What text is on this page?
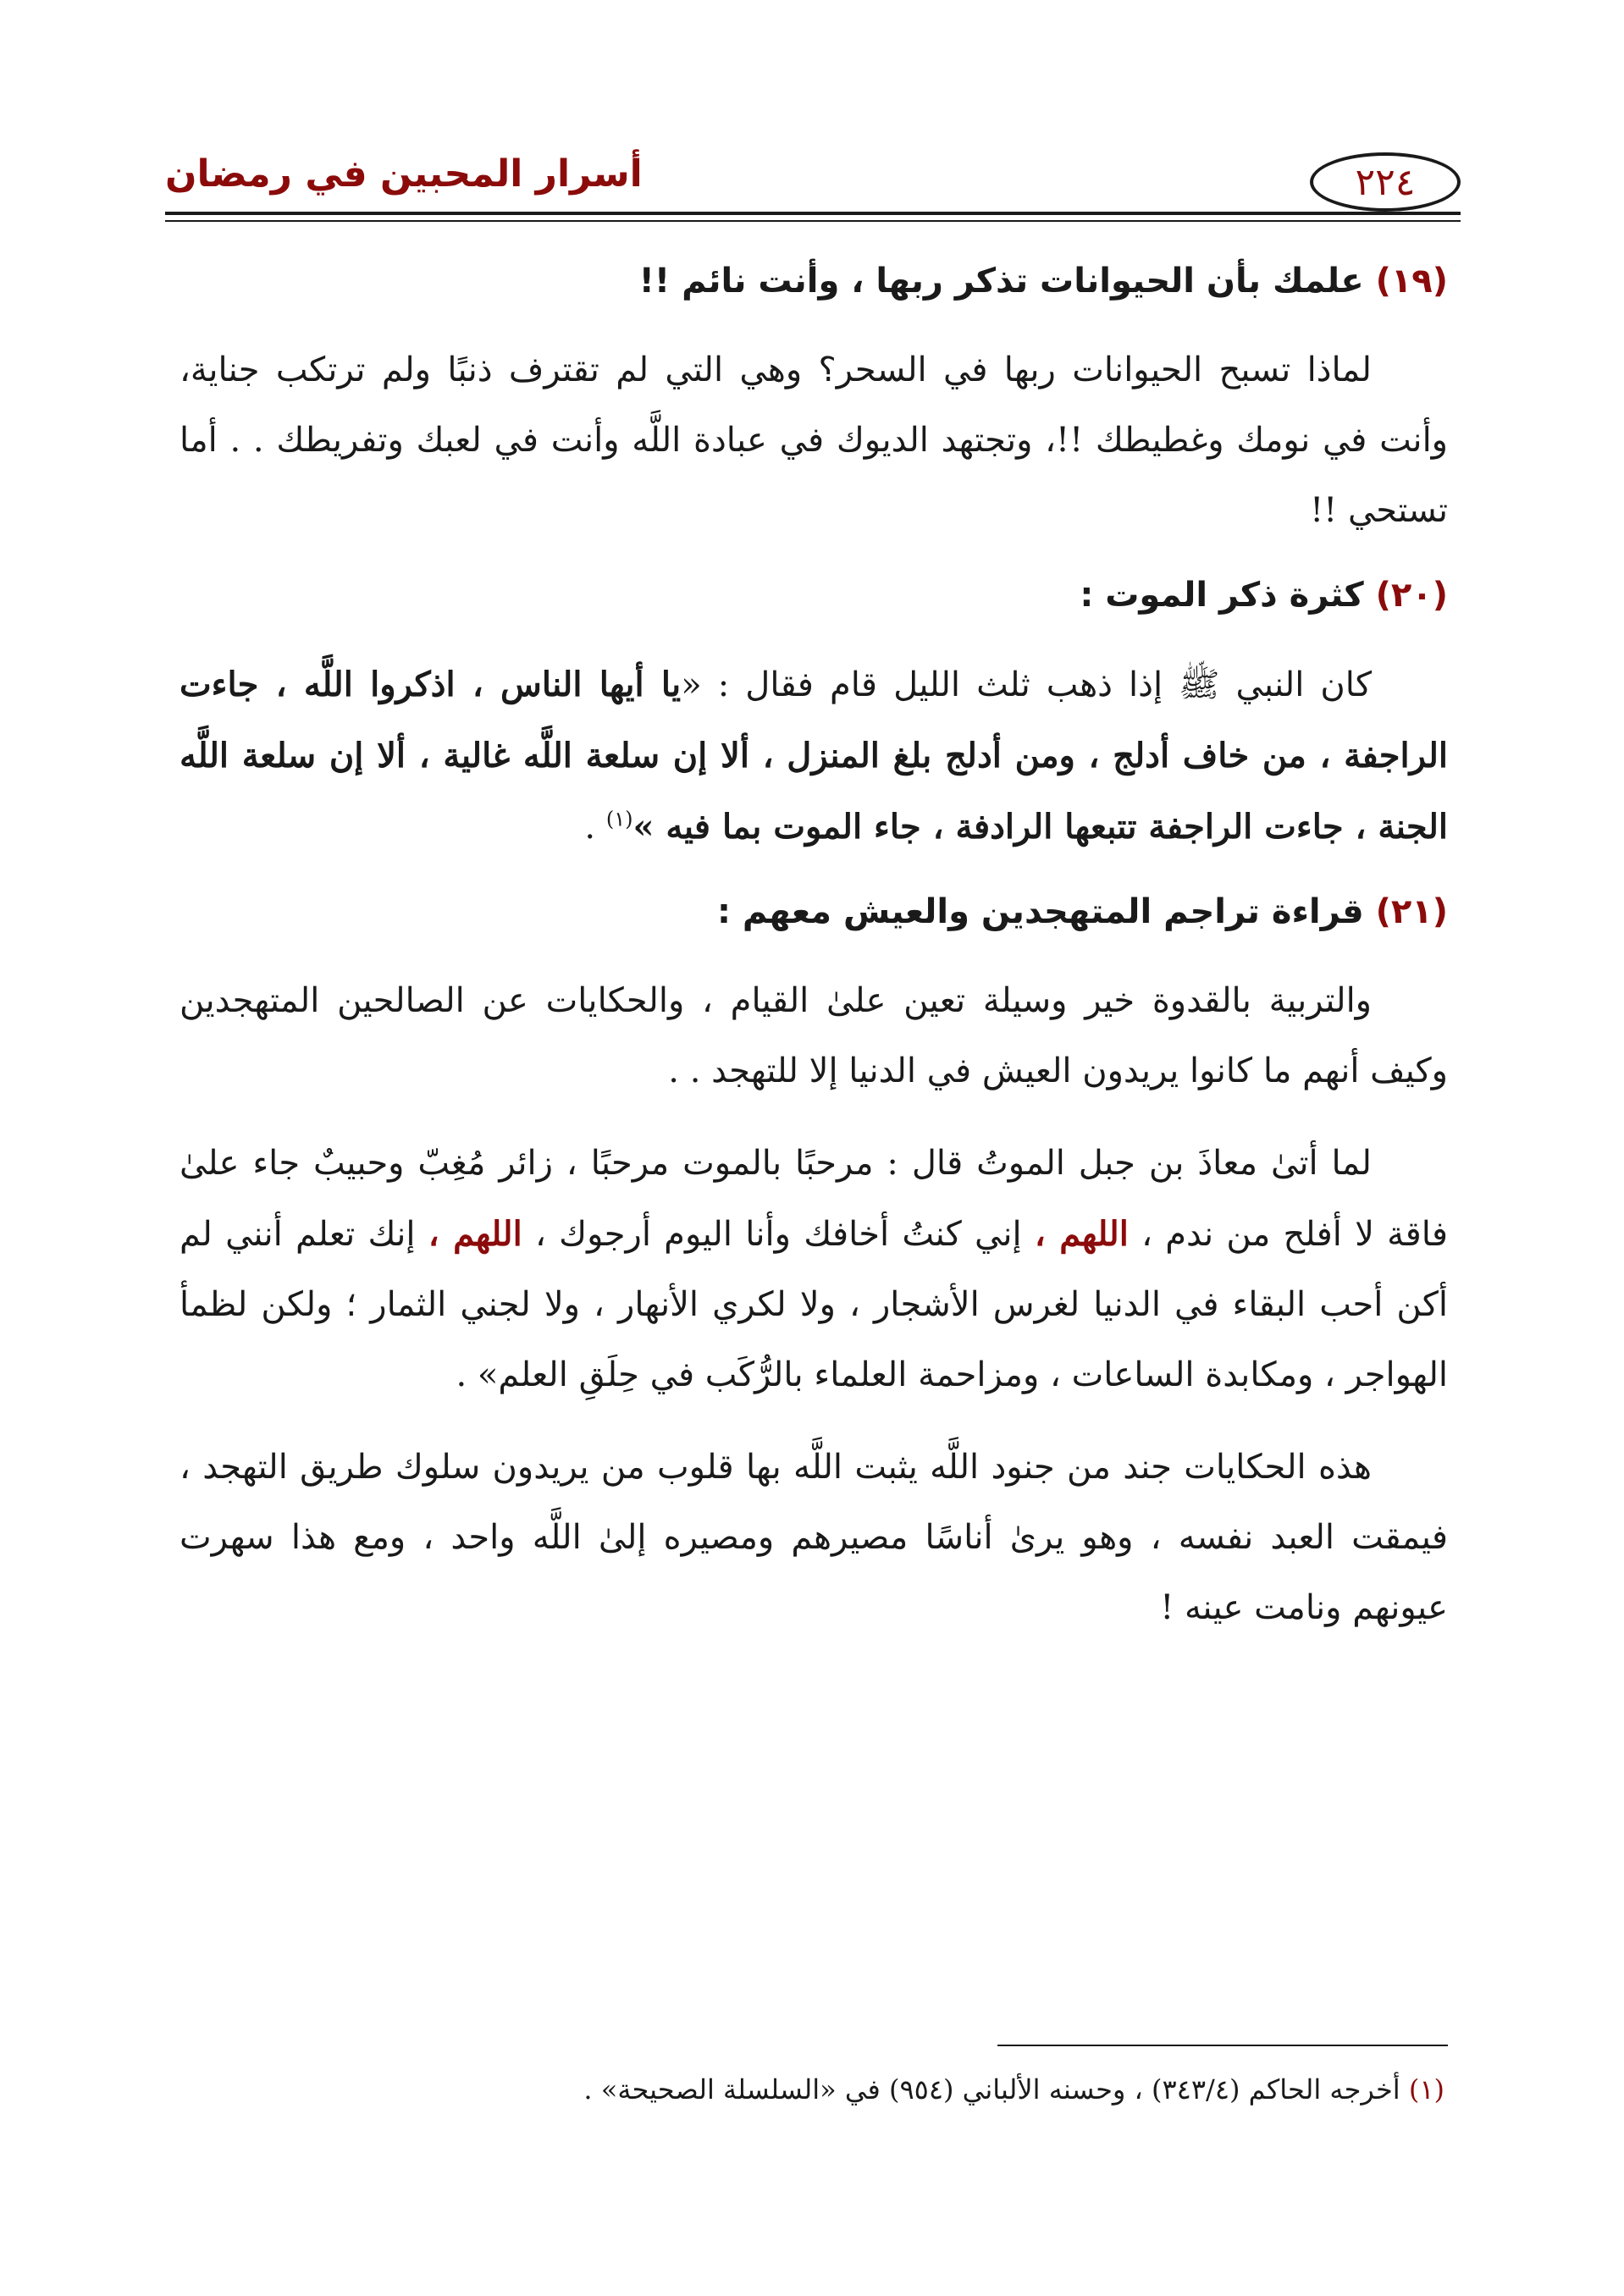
٢٢٤
أسرار المحبين في رمضان
(١٩) علمك بأن الحيوانات تذكر ربها ، وأنت نائم !!

لماذا تسبح الحيوانات ربها في السحر؟ وهي التي لم تقترف ذنبًا ولم ترتكب جناية، وأنت في نومك وغطيطك !!، وتجتهد الديوك في عبادة اللَّه وأنت في لعبك وتفريطك . . أما تستحي !!

(٢٠) كثرة ذكر الموت :

كان النبي ﷺ إذا ذهب ثلث الليل قام فقال : «يا أيها الناس ، اذكروا اللَّه ، جاءت الراجفة ، من خاف أدلج ، ومن أدلج بلغ المنزل ، ألا إن سلعة اللَّه غالية ، ألا إن سلعة اللَّه الجنة ، جاءت الراجفة تتبعها الرادفة ، جاء الموت بما فيه »$^{(١)}$ .

(٢١) قراءة تراجم المتهجدين والعيش معهم :

والتربية بالقدوة خير وسيلة تعين علىٰ القيام ، والحكايات عن الصالحين المتهجدين وكيف أنهم ما كانوا يريدون العيش في الدنيا إلا للتهجد . .

لما أتىٰ معاذَ بن جبل الموتُ قال : مرحبًا بالموت مرحبًا ، زائر مُغِبّ وحبيبٌ جاء علىٰ فاقة لا أفلح من ندم ، اللهم ، إني كنتُ أخافك وأنا اليوم أرجوك ، اللهم ، إنك تعلم أنني لم أكن أحب البقاء في الدنيا لغرس الأشجار ، ولا لكري الأنهار ، ولا لجني الثمار ؛ ولكن لظمأ الهواجر ، ومكابدة الساعات ، ومزاحمة العلماء بالرُّكَب في حِلَقِ العلم» .

هذه الحكايات جند من جنود اللَّه يثبت اللَّه بها قلوب من يريدون سلوك طريق التهجد ، فيمقت العبد نفسه ، وهو يرىٰ أناسًا مصيرهم ومصيره إلىٰ اللَّه واحد ، ومع هذا سهرت عيونهم ونامت عينه !

(١) أخرجه الحاكم (٣٤٣/٤) ، وحسنه الألباني (٩٥٤) في «السلسلة الصحيحة» .
